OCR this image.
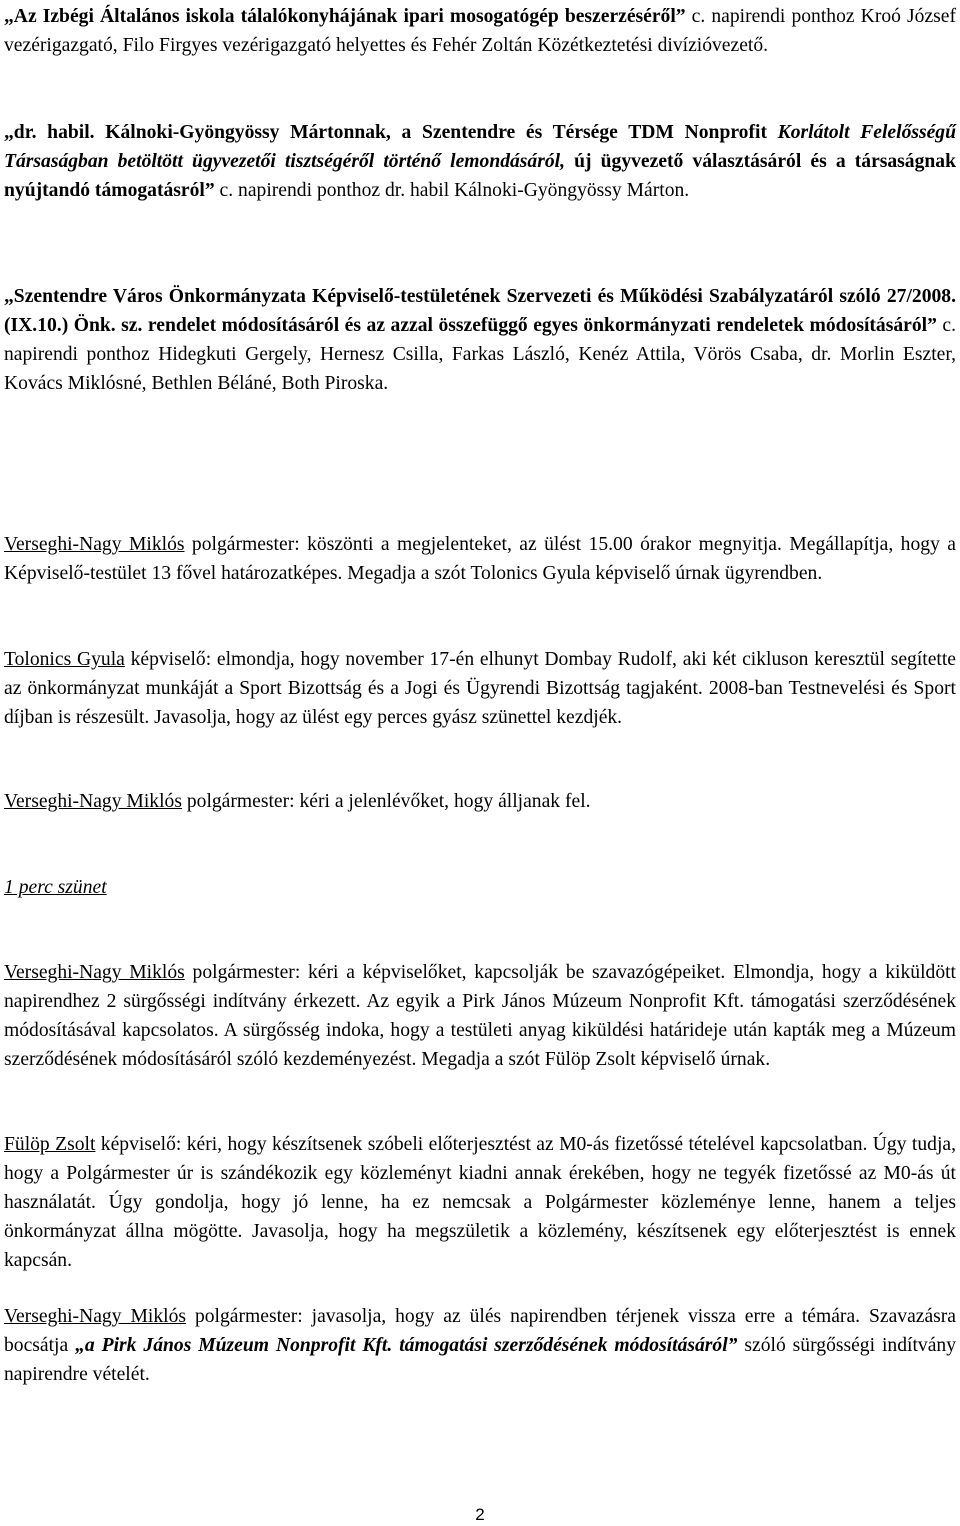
„Az Izbégi Általános iskola tálalókonyhájának ipari mosogatógép beszerzéséről” c. napirendi ponthoz Kroó József vezérigazgató, Filo Firgyes vezérigazgató helyettes és Fehér Zoltán Közétkeztetési divízióvezető.

„dr. habil. Kálnoki-Gyöngyössy Mártonnak, a Szentendre és Térsége TDM Nonprofit Korlátolt Felelősségű Társaságban betöltött ügyvezetői tisztségéről történő lemondásáról, új ügyvezető választásáról és a társaságnak nyújtandó támogatásról” c. napirendi ponthoz dr. habil Kálnoki-Gyöngyössy Márton.

„Szentendre Város Önkormányzata Képviselő-testületének Szervezeti és Működési Szabályzatáról szóló 27/2008. (IX.10.) Önk. sz. rendelet módosításáról és az azzal összefüggő egyes önkormányzati rendeletek módosításáról” c. napirendi ponthoz Hidegkuti Gergely, Hernesz Csilla, Farkas László, Kenéz Attila, Vörös Csaba, dr. Morlin Eszter, Kovács Miklósné, Bethlen Béláné, Both Piroska.

Verseghi-Nagy Miklós polgármester: köszönti a megjelenteket, az ülést 15.00 órakor megnyitja. Megállapítja, hogy a Képviselő-testület 13 fővel határozatképes. Megadja a szót Tolonics Gyula képviselő úrnak ügyrendben.

Tolonics Gyula képviselő: elmondja, hogy november 17-én elhunyt Dombay Rudolf, aki két cikluson keresztül segítette az önkormányzat munkáját a Sport Bizottság és a Jogi és Ügyrendi Bizottság tagjaként. 2008-ban Testnevelési és Sport díjban is részesült. Javasolja, hogy az ülést egy perces gyász szünettel kezdjék.

Verseghi-Nagy Miklós polgármester: kéri a jelenlévőket, hogy álljanak fel.

1 perc szünet

Verseghi-Nagy Miklós polgármester: kéri a képviselőket, kapcsolják be szavazógépeiket. Elmondja, hogy a kiküldött napirendhez 2 sürgősségi indítvány érkezett. Az egyik a Pirk János Múzeum Nonprofit Kft. támogatási szerződésének módosításával kapcsolatos. A sürgősség indoka, hogy a testületi anyag kiküldési határideje után kapták meg a Múzeum szerződésének módosításáról szóló kezdeményezést. Megadja a szót Fülöp Zsolt képviselő úrnak.

Fülöp Zsolt képviselő: kéri, hogy készítsenek szóbeli előterjesztést az M0-ás fizetőssé tételével kapcsolatban. Úgy tudja, hogy a Polgármester úr is szándékozik egy közleményt kiadni annak érekében, hogy ne tegyék fizetőssé az M0-ás út használatát. Úgy gondolja, hogy jó lenne, ha ez nemcsak a Polgármester közleménye lenne, hanem a teljes önkormányzat állna mögötte. Javasolja, hogy ha megszületik a közlemény, készítsenek egy előterjesztést is ennek kapcsán.

Verseghi-Nagy Miklós polgármester: javasolja, hogy az ülés napirendben térjenek vissza erre a témára. Szavazásra bocsátja „a Pirk János Múzeum Nonprofit Kft. támogatási szerződésének módosításáról” szóló sürgősségi indítvány napirendre vételét.

2
